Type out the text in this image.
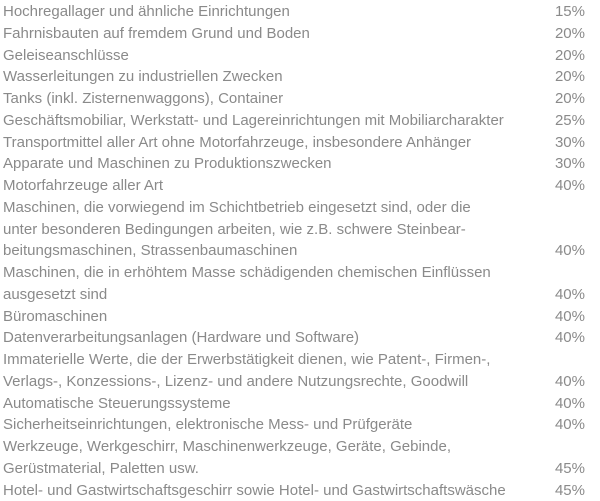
Hochregallager und ähnliche Einrichtungen	15%
Fahrnisbauten auf fremdem Grund und Boden	20%
Geleiseanschlüsse	20%
Wasserleitungen zu industriellen Zwecken	20%
Tanks (inkl. Zisternenwaggons), Container	20%
Geschäftsmobiliar, Werkstatt- und Lagereinrichtungen mit Mobiliarcharakter	25%
Transportmittel aller Art ohne Motorfahrzeuge, insbesondere Anhänger	30%
Apparate und Maschinen zu Produktionszwecken	30%
Motorfahrzeuge aller Art	40%
Maschinen, die vorwiegend im Schichtbetrieb eingesetzt sind, oder die
unter besonderen Bedingungen arbeiten, wie z.B. schwere Steinbear-
beitungsmaschinen, Strassenbaumaschinen	40%
Maschinen, die in erhöhtem Masse schädigenden chemischen Einflüssen
ausgesetzt sind	40%
Büromaschinen	40%
Datenverarbeitungsanlagen (Hardware und Software)	40%
Immaterielle Werte, die der Erwerbstätigkeit dienen, wie Patent-, Firmen-,
Verlags-, Konzessions-, Lizenz- und andere Nutzungsrechte, Goodwill	40%
Automatische Steuerungssysteme	40%
Sicherheitseinrichtungen, elektronische Mess- und Prüfgeräte	40%
Werkzeuge, Werkgeschirr, Maschinenwerkzeuge, Geräte, Gebinde,
Gerüstmaterial, Paletten usw.	45%
Hotel- und Gastwirtschaftsgeschirr sowie Hotel- und Gastwirtschaftswäsche	45%
